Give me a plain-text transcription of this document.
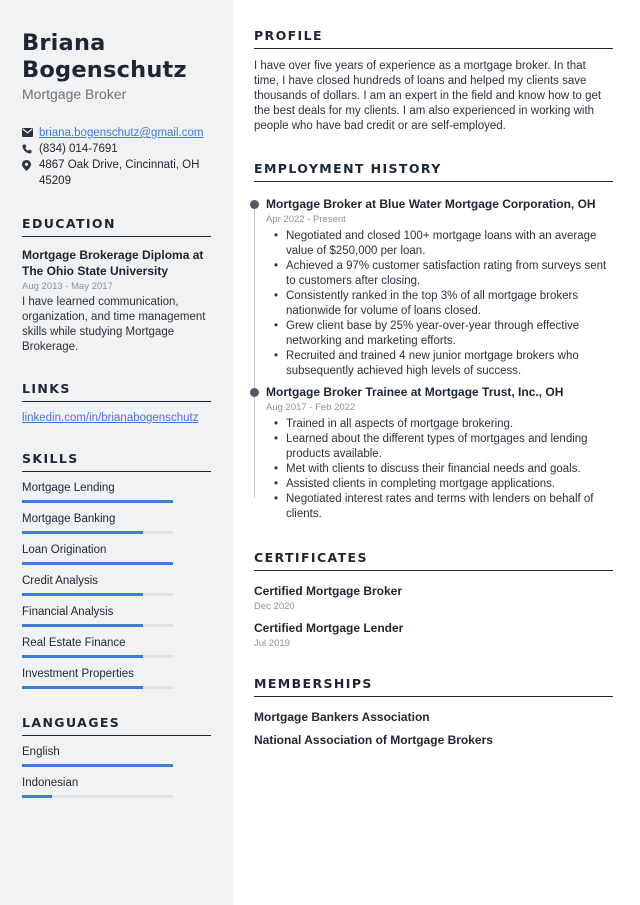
Briana
Bogenschutz
Mortgage Broker
briana.bogenschutz@gmail.com
(834) 014-7691
4867 Oak Drive, Cincinnati, OH 45209
EDUCATION
Mortgage Brokerage Diploma at The Ohio State University
Aug 2013 - May 2017
I have learned communication, organization, and time management skills while studying Mortgage Brokerage.
LINKS
linkedin.com/in/brianabogenschutz
SKILLS
Mortgage Lending
Mortgage Banking
Loan Origination
Credit Analysis
Financial Analysis
Real Estate Finance
Investment Properties
LANGUAGES
English
Indonesian
PROFILE
I have over five years of experience as a mortgage broker. In that time, I have closed hundreds of loans and helped my clients save thousands of dollars. I am an expert in the field and know how to get the best deals for my clients. I am also experienced in working with people who have bad credit or are self-employed.
EMPLOYMENT HISTORY
Mortgage Broker at Blue Water Mortgage Corporation, OH
Apr 2022 - Present
• Negotiated and closed 100+ mortgage loans with an average value of $250,000 per loan.
• Achieved a 97% customer satisfaction rating from surveys sent to customers after closing.
• Consistently ranked in the top 3% of all mortgage brokers nationwide for volume of loans closed.
• Grew client base by 25% year-over-year through effective networking and marketing efforts.
• Recruited and trained 4 new junior mortgage brokers who subsequently achieved high levels of success.
Mortgage Broker Trainee at Mortgage Trust, Inc., OH
Aug 2017 - Feb 2022
• Trained in all aspects of mortgage brokering.
• Learned about the different types of mortgages and lending products available.
• Met with clients to discuss their financial needs and goals.
• Assisted clients in completing mortgage applications.
• Negotiated interest rates and terms with lenders on behalf of clients.
CERTIFICATES
Certified Mortgage Broker
Dec 2020
Certified Mortgage Lender
Jul 2019
MEMBERSHIPS
Mortgage Bankers Association
National Association of Mortgage Brokers
